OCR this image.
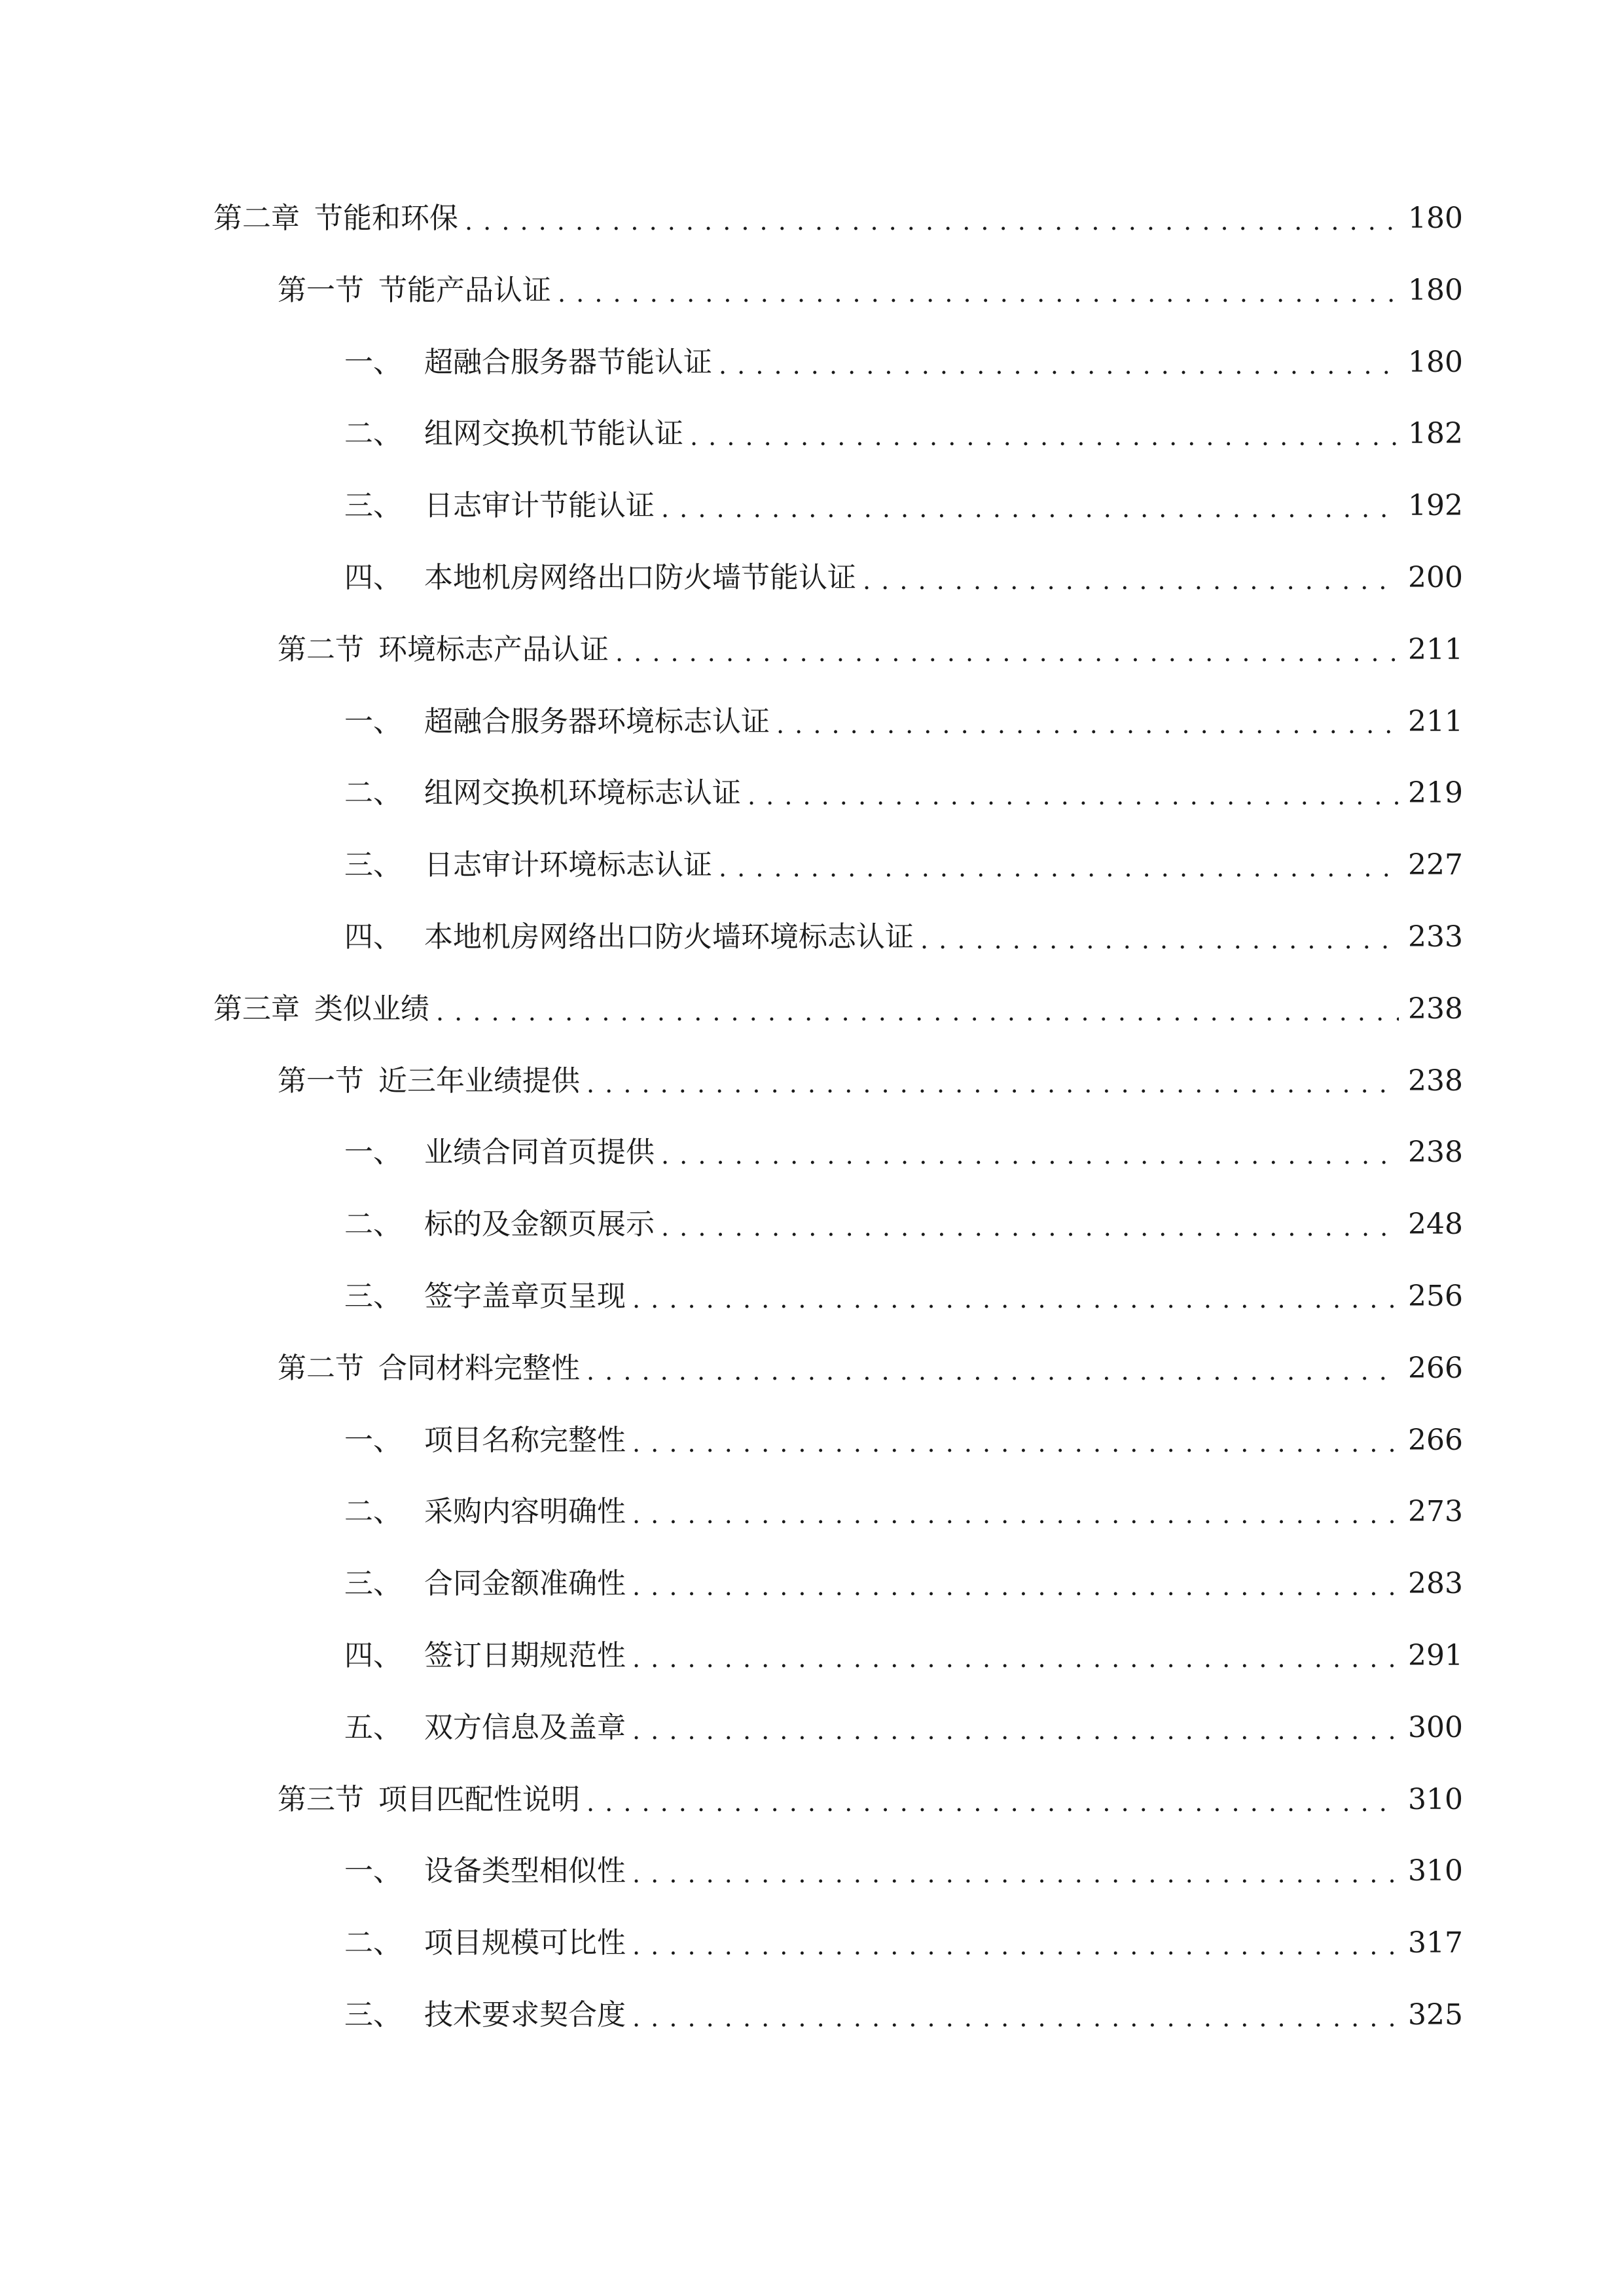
第二章 节能和环保 . . .	180
第一节 节能产品认证 . . .	180
一、 超融合服务器节能认证 . . .	180
二、 组网交换机节能认证 . . .	182
三、 日志审计节能认证 . . .	192
四、 本地机房网络出口防火墙节能认证 . . .	200
第二节 环境标志产品认证 . . .	211
一、 超融合服务器环境标志认证 . . .	211
二、 组网交换机环境标志认证 . . .	219
三、 日志审计环境标志认证 . . .	227
四、 本地机房网络出口防火墙环境标志认证 . . .	233
第三章 类似业绩 . . .	238
第一节 近三年业绩提供 . . .	238
一、 业绩合同首页提供 . . .	238
二、 标的及金额页展示 . . .	248
三、 签字盖章页呈现 . . .	256
第二节 合同材料完整性 . . .	266
一、 项目名称完整性 . . .	266
二、 采购内容明确性 . . .	273
三、 合同金额准确性 . . .	283
四、 签订日期规范性 . . .	291
五、 双方信息及盖章 . . .	300
第三节 项目匹配性说明 . . .	310
一、 设备类型相似性 . . .	310
二、 项目规模可比性 . . .	317
三、 技术要求契合度 . . .	325
